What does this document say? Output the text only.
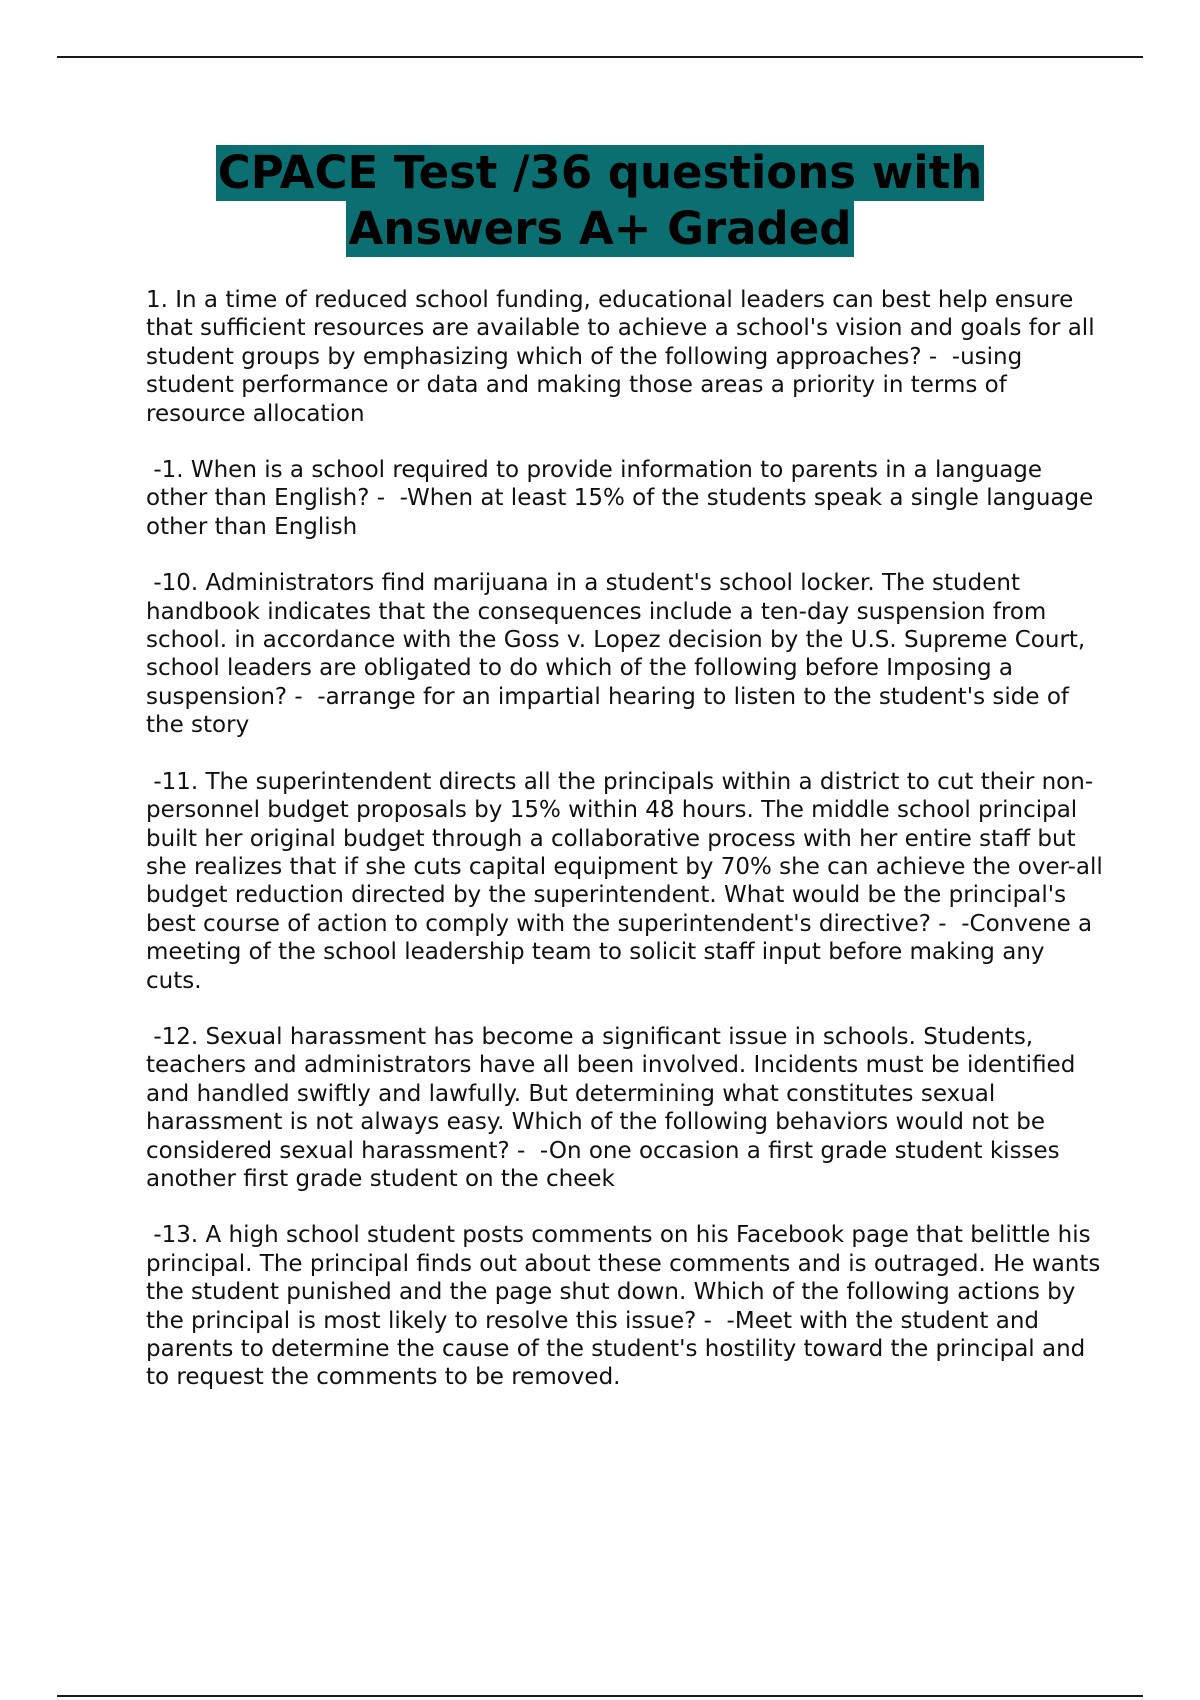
CPACE Test /36 questions with
Answers A+ Graded

1. In a time of reduced school funding, educational leaders can best help ensure that sufficient resources are available to achieve a school's vision and goals for all student groups by emphasizing which of the following approaches? -  -using student performance or data and making those areas a priority in terms of resource allocation

-1. When is a school required to provide information to parents in a language other than English? -  -When at least 15% of the students speak a single language other than English

-10. Administrators find marijuana in a student's school locker. The student handbook indicates that the consequences include a ten-day suspension from school. in accordance with the Goss v. Lopez decision by the U.S. Supreme Court, school leaders are obligated to do which of the following before Imposing a suspension? -  -arrange for an impartial hearing to listen to the student's side of the story

-11. The superintendent directs all the principals within a district to cut their non-personnel budget proposals by 15% within 48 hours. The middle school principal built her original budget through a collaborative process with her entire staff but she realizes that if she cuts capital equipment by 70% she can achieve the over-all budget reduction directed by the superintendent. What would be the principal's best course of action to comply with the superintendent's directive? -  -Convene a meeting of the school leadership team to solicit staff input before making any cuts.

-12. Sexual harassment has become a significant issue in schools. Students, teachers and administrators have all been involved. Incidents must be identified and handled swiftly and lawfully. But determining what constitutes sexual harassment is not always easy. Which of the following behaviors would not be considered sexual harassment? -  -On one occasion a first grade student kisses another first grade student on the cheek

-13. A high school student posts comments on his Facebook page that belittle his principal. The principal finds out about these comments and is outraged. He wants the student punished and the page shut down. Which of the following actions by the principal is most likely to resolve this issue? -  -Meet with the student and parents to determine the cause of the student's hostility toward the principal and to request the comments to be removed.
